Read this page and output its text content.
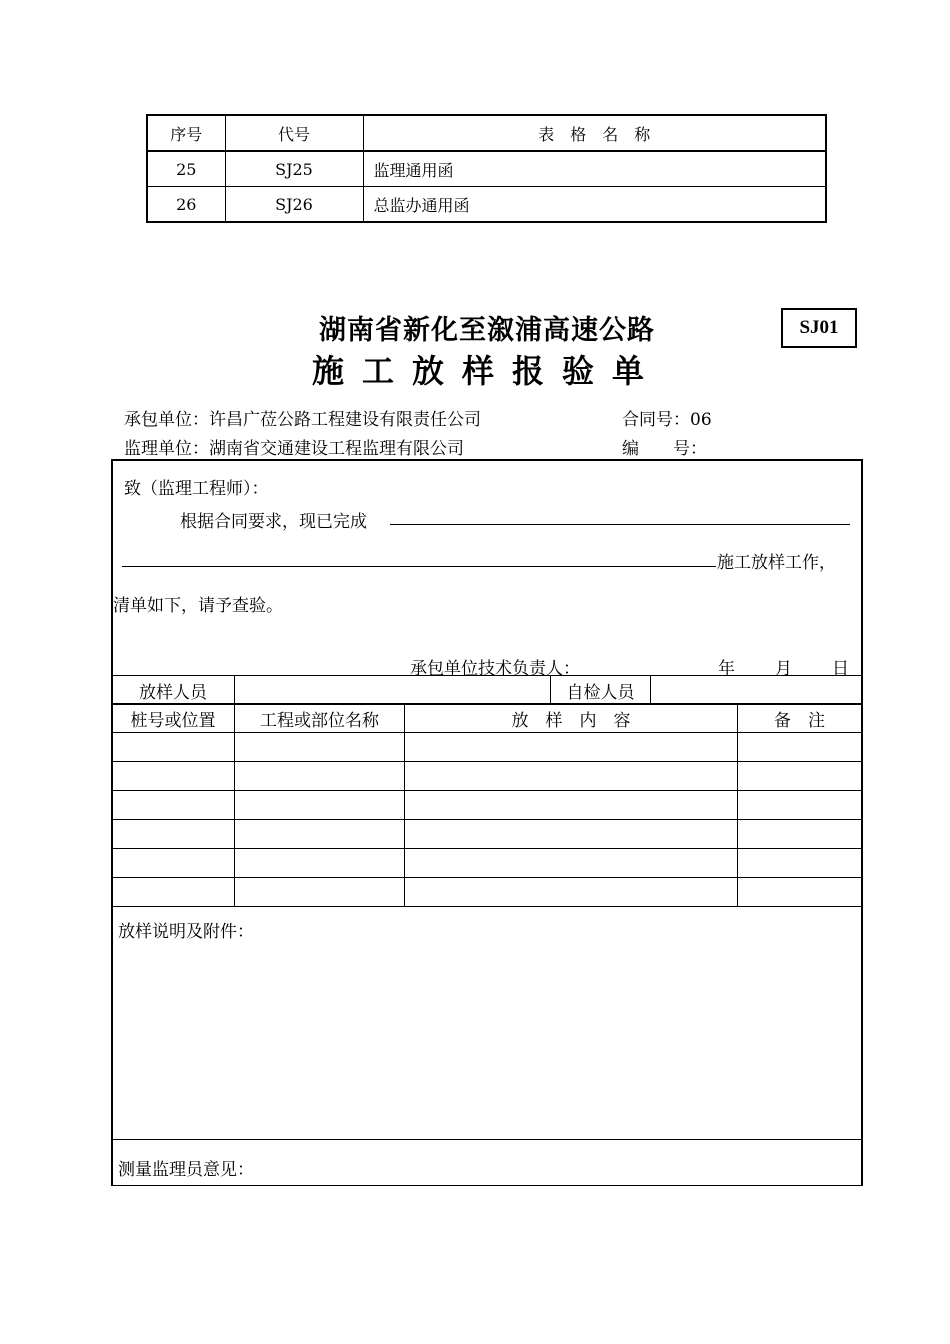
序号	代号	表　格　名　称
25	SJ25	监理通用函
26	SJ26	总监办通用函
湖南省新化至溆浦高速公路
施工放样报验单
SJ01
承包单位：许昌广莅公路工程建设有限责任公司	合同号：06
监理单位：湖南省交通建设工程监理有限公司	编　　号：
致（监理工程师）：
根据合同要求，现已完成
施工放样工作，
清单如下，请予查验。
承包单位技术负责人：	年 月 日
放样人员		自检人员	
桩号或位置	工程或部位名称	放　样　内　容	备　注

放样说明及附件：
测量监理员意见：
